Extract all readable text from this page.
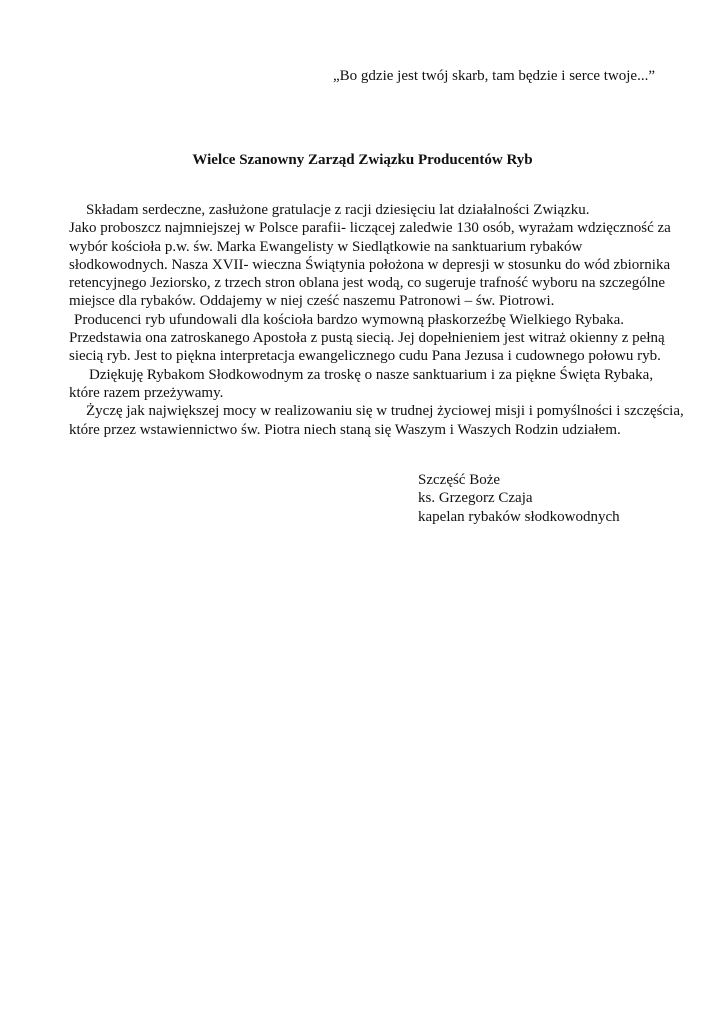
„Bo gdzie jest twój skarb, tam będzie i serce twoje...”
Wielce Szanowny Zarząd Związku Producentów Ryb
Składam serdeczne, zasłużone gratulacje z racji dziesięciu lat działalności Związku.
Jako proboszcz najmniejszej w Polsce parafii- liczącej zaledwie 130 osób, wyrażam wdzięczność za
wybór kościoła p.w. św. Marka Ewangelisty w Siedlątkowie na sanktuarium rybaków
słodkowodnych. Nasza XVII- wieczna Świątynia położona w depresji w stosunku do wód zbiornika
retencyjnego Jeziorsko, z trzech stron oblana jest wodą, co sugeruje trafność wyboru na szczególne
miejsce dla rybaków. Oddajemy w niej cześć naszemu Patronowi – św. Piotrowi.
Producenci ryb ufundowali dla kościoła bardzo wymowną płaskorzeźbę Wielkiego Rybaka.
Przedstawia ona zatroskanego Apostoła z pustą siecią. Jej dopełnieniem jest witraż okienny z pełną
siecią ryb. Jest to piękna interpretacja ewangelicznego cudu Pana Jezusa i cudownego połowu ryb.
Dziękuję Rybakom Słodkowodnym za troskę o nasze sanktuarium i za piękne Święta Rybaka,
które razem przeżywamy.
Życzę jak największej mocy w realizowaniu się w trudnej życiowej misji i pomyślności i szczęścia,
które przez wstawiennictwo św. Piotra niech staną się Waszym i Waszych Rodzin udziałem.
Szczęść Boże
ks. Grzegorz Czaja
kapelan rybaków słodkowodnych
